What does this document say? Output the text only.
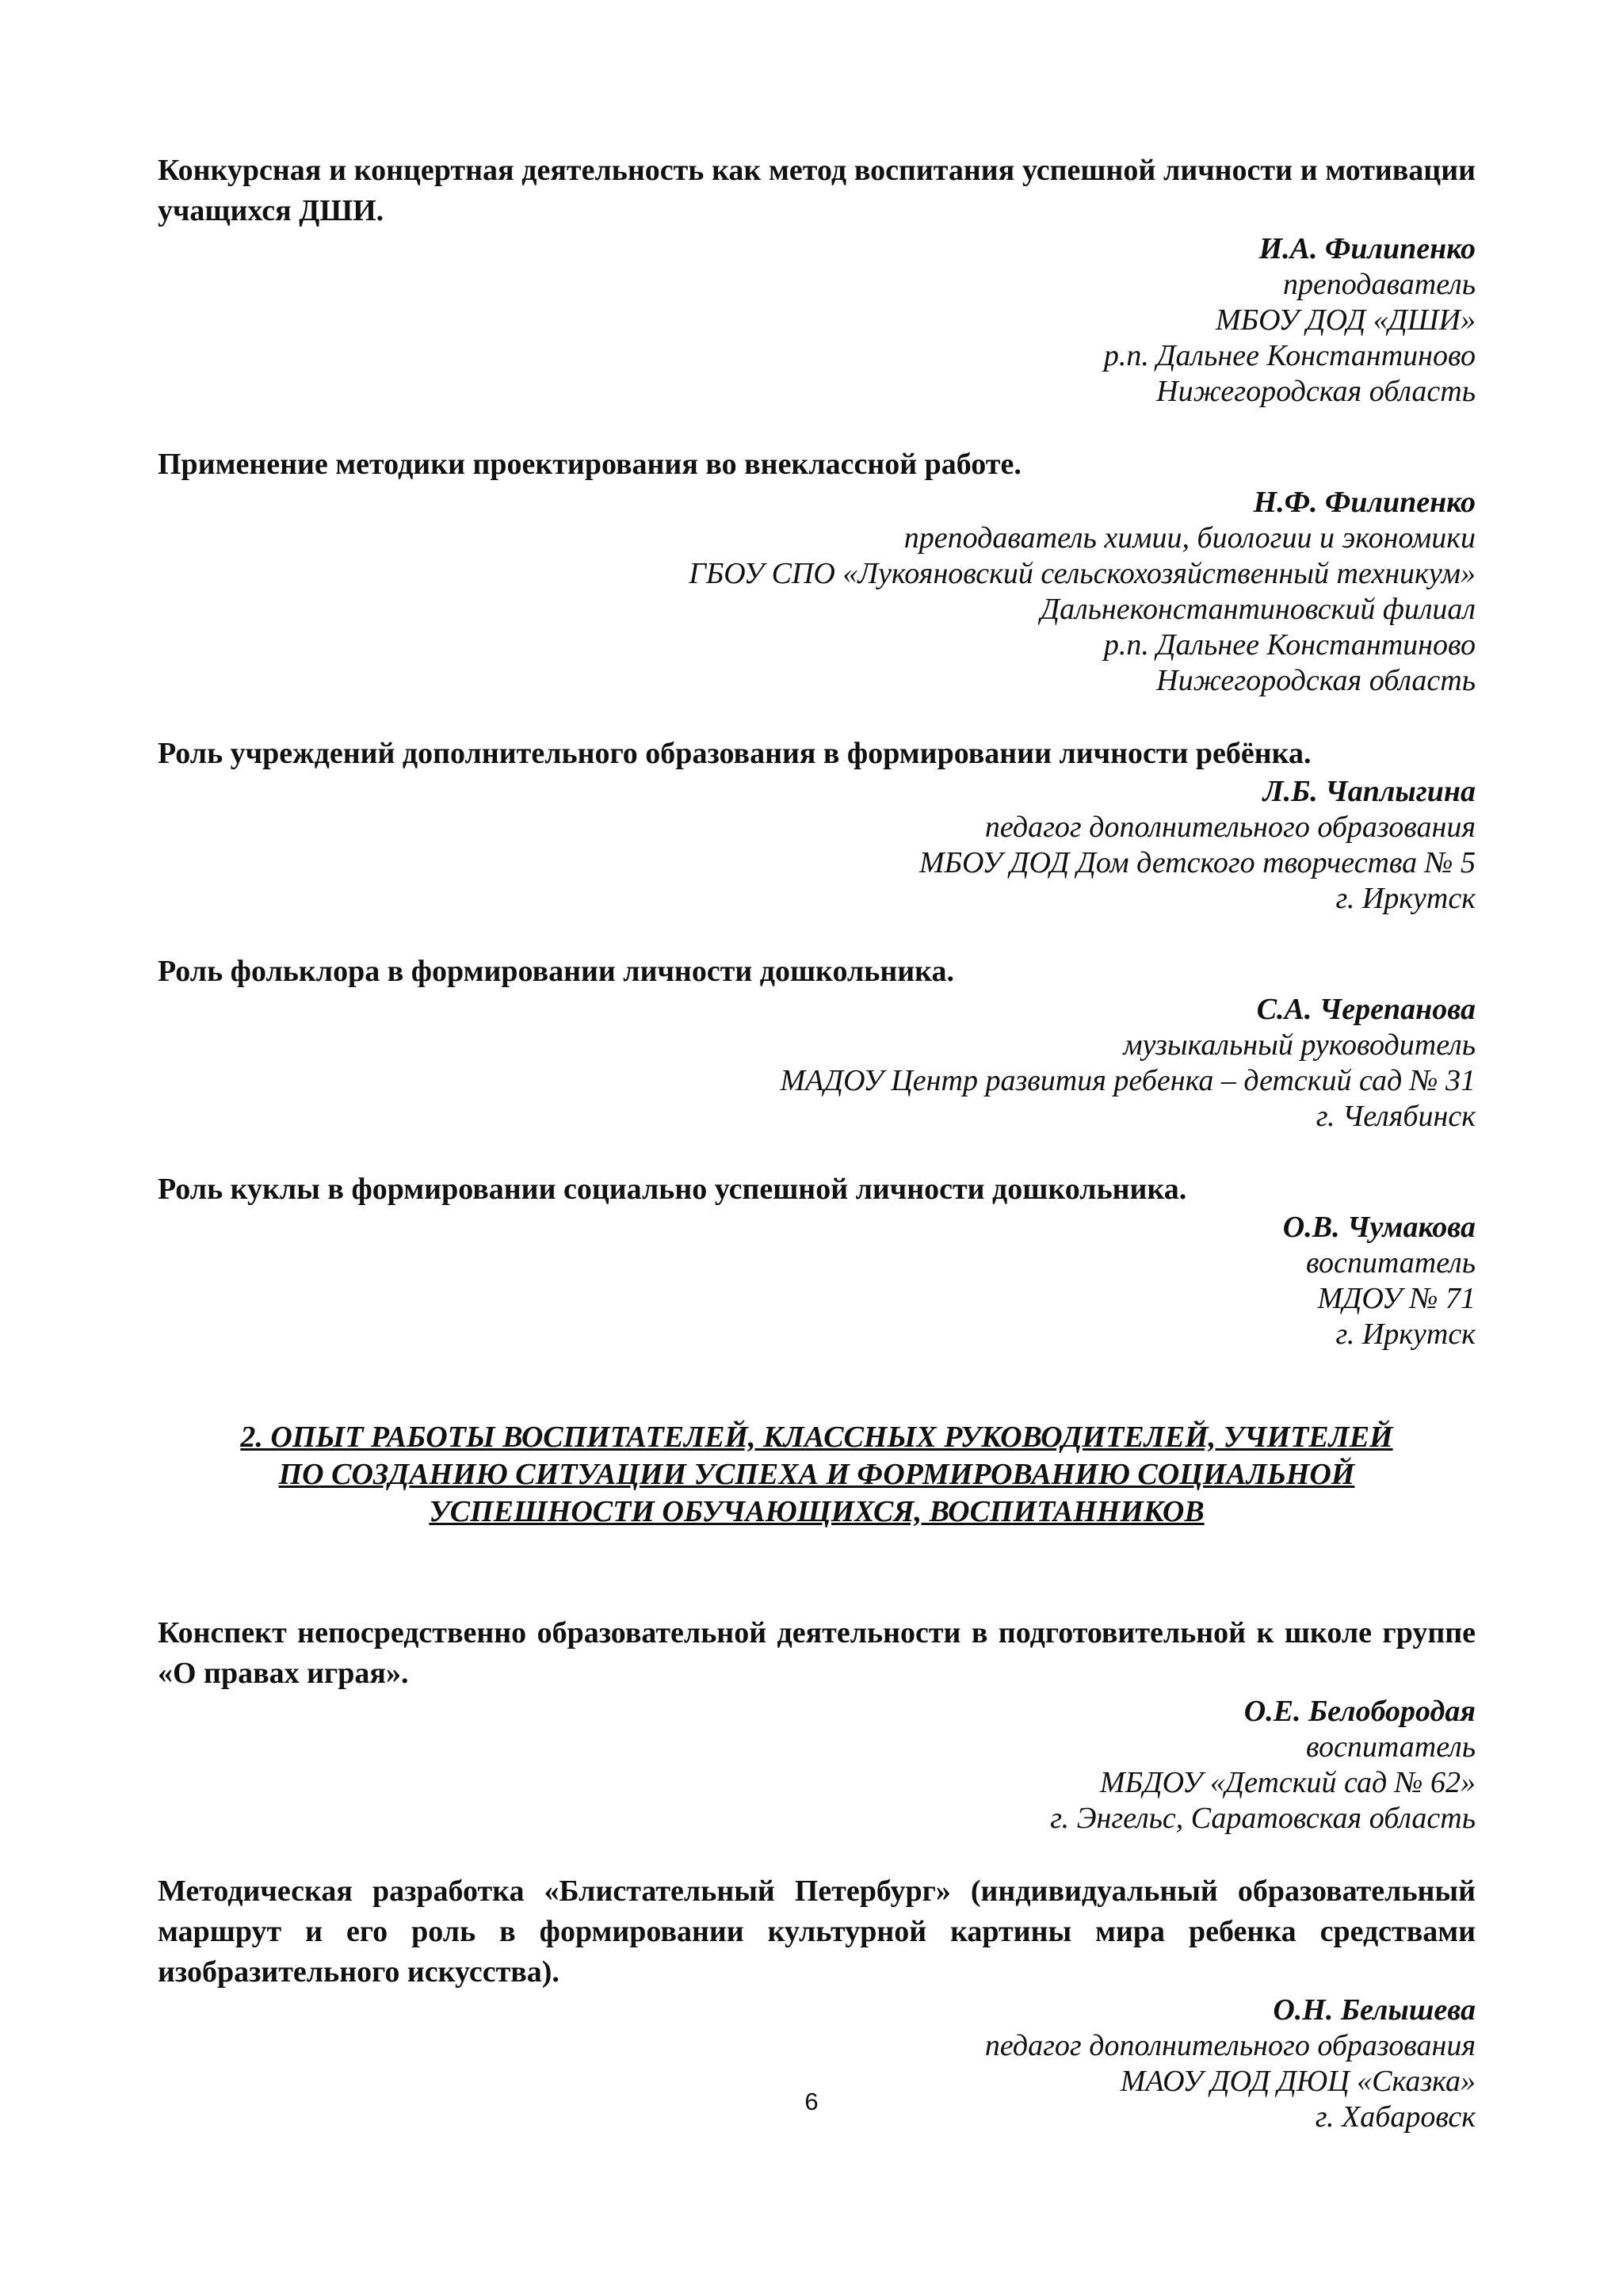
Конкурсная и концертная деятельность как метод воспитания успешной личности и мотивации учащихся ДШИ.
И.А. Филипенко
преподаватель
МБОУ ДОД «ДШИ»
р.п. Дальнее Константиново
Нижегородская область
Применение методики проектирования во внеклассной работе.
Н.Ф. Филипенко
преподаватель химии, биологии и экономики
ГБОУ СПО «Лукояновский сельскохозяйственный техникум»
Дальнеконстантиновский филиал
р.п. Дальнее Константиново
Нижегородская область
Роль учреждений дополнительного образования в формировании личности ребёнка.
Л.Б. Чаплыгина
педагог дополнительного образования
МБОУ ДОД Дом детского творчества № 5
г. Иркутск
Роль фольклора в формировании личности дошкольника.
С.А. Черепанова
музыкальный руководитель
МАДОУ Центр развития ребенка – детский сад № 31
г. Челябинск
Роль куклы в формировании социально успешной личности дошкольника.
О.В. Чумакова
воспитатель
МДОУ № 71
г. Иркутск
2. ОПЫТ РАБОТЫ ВОСПИТАТЕЛЕЙ, КЛАССНЫХ РУКОВОДИТЕЛЕЙ, УЧИТЕЛЕЙ
ПО СОЗДАНИЮ СИТУАЦИИ УСПЕХА И ФОРМИРОВАНИЮ СОЦИАЛЬНОЙ
УСПЕШНОСТИ ОБУЧАЮЩИХСЯ, ВОСПИТАННИКОВ
Конспект непосредственно образовательной деятельности в подготовительной к школе группе «О правах играя».
О.Е. Белобородая
воспитатель
МБДОУ «Детский сад № 62»
г. Энгельс, Саратовская область
Методическая разработка «Блистательный Петербург» (индивидуальный образовательный маршрут и его роль в формировании культурной картины мира ребенка средствами изобразительного искусства).
О.Н. Белышева
педагог дополнительного образования
МАОУ ДОД ДЮЦ «Сказка»
г. Хабаровск
6
